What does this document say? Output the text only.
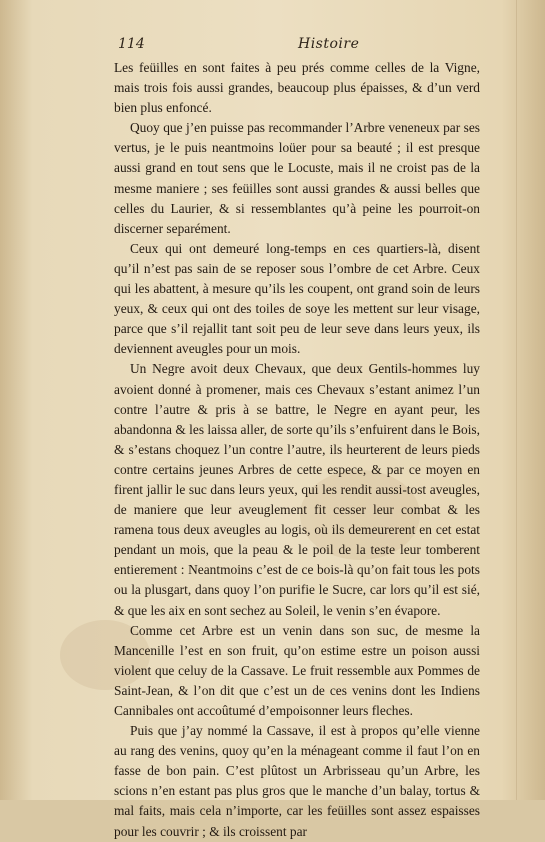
114	Histoire

Les feüilles en sont faites à peu prés comme celles de la Vigne, mais trois fois aussi grandes, beaucoup plus épaisses, & d’un verd bien plus enfoncé.

Quoy que j’en puisse pas recommander l’Arbre veneneux par ses vertus, je le puis neantmoins loüer pour sa beauté ; il est presque aussi grand en tout sens que le Locuste, mais il ne croist pas de la mesme maniere ; ses feüilles sont aussi grandes & aussi belles que celles du Laurier, & si ressemblantes qu’à peine les pourroit-on discerner separément.

Ceux qui ont demeuré long-temps en ces quartiers-là, disent qu’il n’est pas sain de se reposer sous l’ombre de cet Arbre. Ceux qui les abattent, à mesure qu’ils les coupent, ont grand soin de leurs yeux, & ceux qui ont des toiles de soye les mettent sur leur visage, parce que s’il rejallit tant soit peu de leur seve dans leurs yeux, ils deviennent aveugles pour un mois.

Un Negre avoit deux Chevaux, que deux Gentils-hommes luy avoient donné à promener, mais ces Chevaux s’estant animez l’un contre l’autre & pris à se battre, le Negre en ayant peur, les abandonna & les laissa aller, de sorte qu’ils s’enfuirent dans le Bois, & s’estans choquez l’un contre l’autre, ils heurterent de leurs pieds contre certains jeunes Arbres de cette espece, & par ce moyen en firent jallir le suc dans leurs yeux, qui les rendit aussi-tost aveugles, de maniere que leur aveuglement fit cesser leur combat & les ramena tous deux aveugles au logis, où ils demeurerent en cet estat pendant un mois, que la peau & le poil de la teste leur tomberent entierement : Neantmoins c’est de ce bois-là qu’on fait tous les pots ou la plusgart, dans quoy l’on purifie le Sucre, car lors qu’il est sié, & que les aix en sont sechez au Soleil, le venin s’en évapore.

Comme cet Arbre est un venin dans son suc, de mesme la Mancenille l’est en son fruit, qu’on estime estre un poison aussi violent que celuy de la Cassave. Le fruit ressemble aux Pommes de Saint-Jean, & l’on dit que c’est un de ces venins dont les Indiens Cannibales ont accoûtumé d’empoisonner leurs fleches.

Puis que j’ay nommé la Cassave, il est à propos qu’elle vienne au rang des venins, quoy qu’en la ménageant comme il faut l’on en fasse de bon pain. C’est plûtost un Arbrisseau qu’un Arbre, les scions n’en estant pas plus gros que le manche d’un balay, tortus & mal faits, mais cela n’importe, car les feüilles sont assez espaisses pour les couvrir ; & ils croissent par
